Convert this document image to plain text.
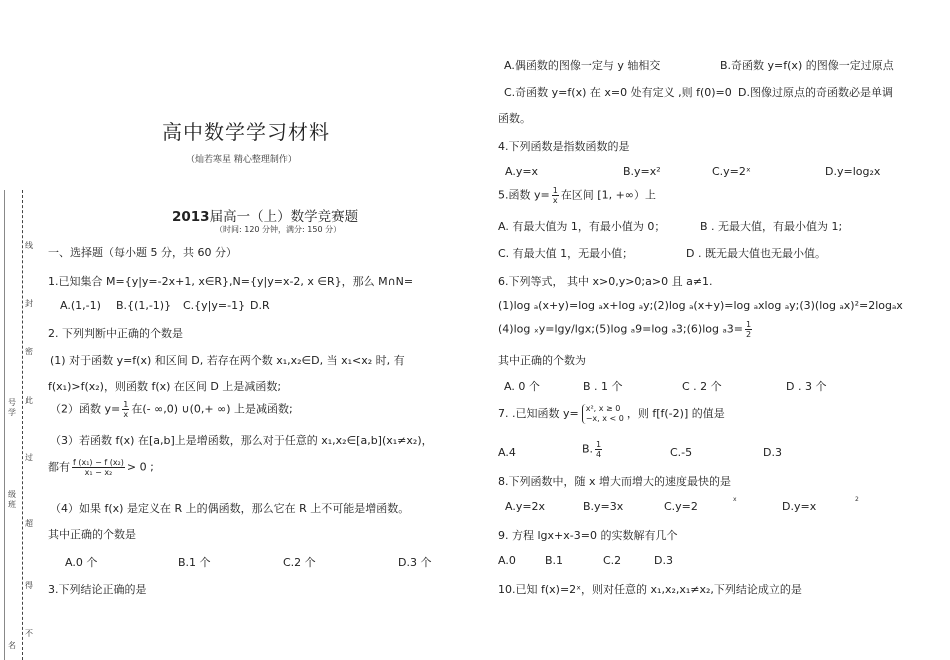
线
封
密
此
过
超
得
不
号学
级班
名
高中数学学习材料
（灿若寒星 精心整理制作）
2013届高一（上）数学竞赛题
（时间: 120 分钟，满分: 150 分）
一、选择题（每小题 5 分，共 60 分）
1.已知集合 M={y|y=-2x+1, x∈R},N={y|y=x-2, x ∈R}，那么 M∩N=
A.(1,-1) B.{(1,-1)} C.{y|y=-1} D.R
2. 下列判断中正确的个数是
(1) 对于函数 y=f(x) 和区间 D, 若存在两个数 x₁,x₂∈D, 当 x₁<x₂ 时, 有
f(x₁)>f(x₂)，则函数 f(x) 在区间 D 上是减函数;
（2）函数 $y= \frac{1}{x}$ 在(- ∞,0) ∪(0,+ ∞) 上是减函数;
（3）若函数 f(x) 在[a,b]上是增函数，那么对于任意的 x₁,x₂∈[a,b](x₁≠x₂)，
都有 $\frac{\text{f (x₁) − f (x₂)}}{\text{x₁ − x₂}} > 0$ ;
（4）如果 f(x) 是定义在 R 上的偶函数，那么它在 R 上不可能是增函数。
其中正确的个数是
A.0 个	B.1 个	C.2 个	D.3 个
3.下列结论正确的是
A.偶函数的图像一定与 y 轴相交	B.奇函数 y=f(x) 的图像一定过原点
C.奇函数 y=f(x) 在 x=0 处有定义 ,则 f(0)=0 D.图像过原点的奇函数必是单调
函数。
4.下列函数是指数函数的是
A.y=x	B.y=x²	C.y=2ˣ	D.y=log₂x
5.函数 $y= \frac{1}{x}$ 在区间 [1, +∞）上
A. 有最大值为 1，有最小值为 0；	B . 无最大值，有最小值为 1;
C. 有最大值 1，无最小值；	D . 既无最大值也无最小值。
6.下列等式， 其中 x>0,y>0;a>0 且 a≠1.
(1)log ₐ(x+y)=log ₐx+log ₐy;(2)log ₐ(x+y)=log ₐxlog ₐy;(3)(log ₐx)²=2logₐx
(4)log ₓy=lgy/lgx;(5)log ₐ9=log ₐ3;(6)log $_a3= \frac{1}{2}$
其中正确的个数为
A. 0 个	B . 1 个	C . 2 个	D . 3 个
7. .已知函数 y= x², x ≥ 0
−x, x < 0 ，则 f[f(-2)] 的值是
A.4	B. $\frac{1}{4}$	C.-5	D.3
8.下列函数中，随 x 增大而增大的速度最快的是
A.y=2x	B.y=3x	C.y=2
x
D.y=x
2
9. 方程 lgx+x-3=0 的实数解有几个
A.0	B.1	C.2	D.3
10.已知 f(x)=2ˣ，则对任意的 x₁,x₂,x₁≠x₂,下列结论成立的是
